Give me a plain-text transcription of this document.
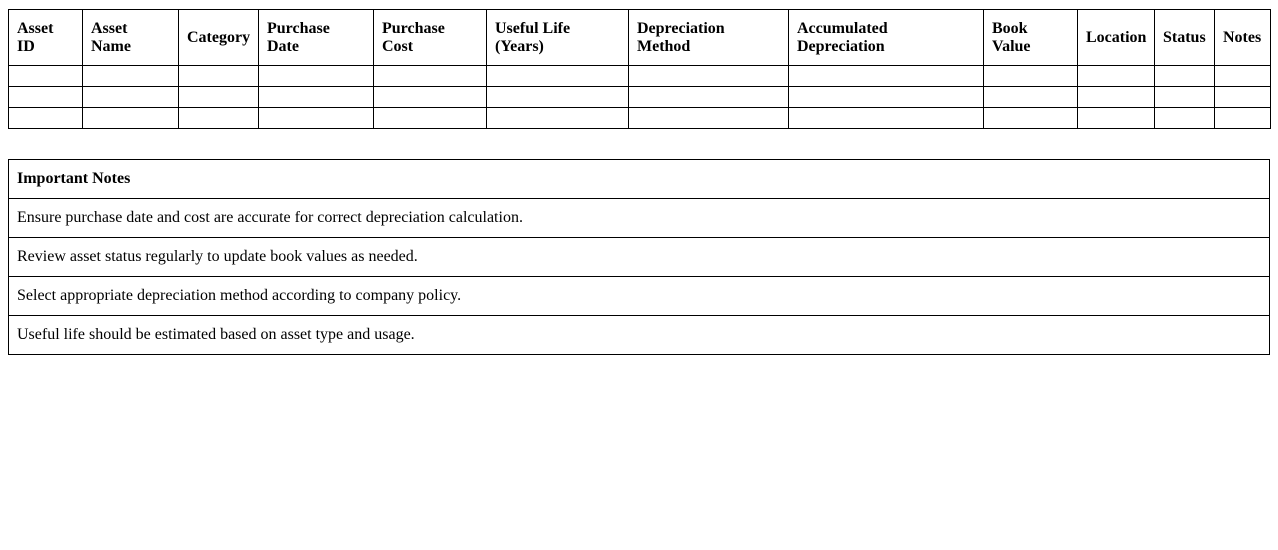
Asset ID	Asset Name	Category	Purchase Date	Purchase Cost	Useful Life (Years)	Depreciation Method	Accumulated Depreciation	Book Value	Location	Status	Notes

Important Notes
Ensure purchase date and cost are accurate for correct depreciation calculation.
Review asset status regularly to update book values as needed.
Select appropriate depreciation method according to company policy.
Useful life should be estimated based on asset type and usage.
